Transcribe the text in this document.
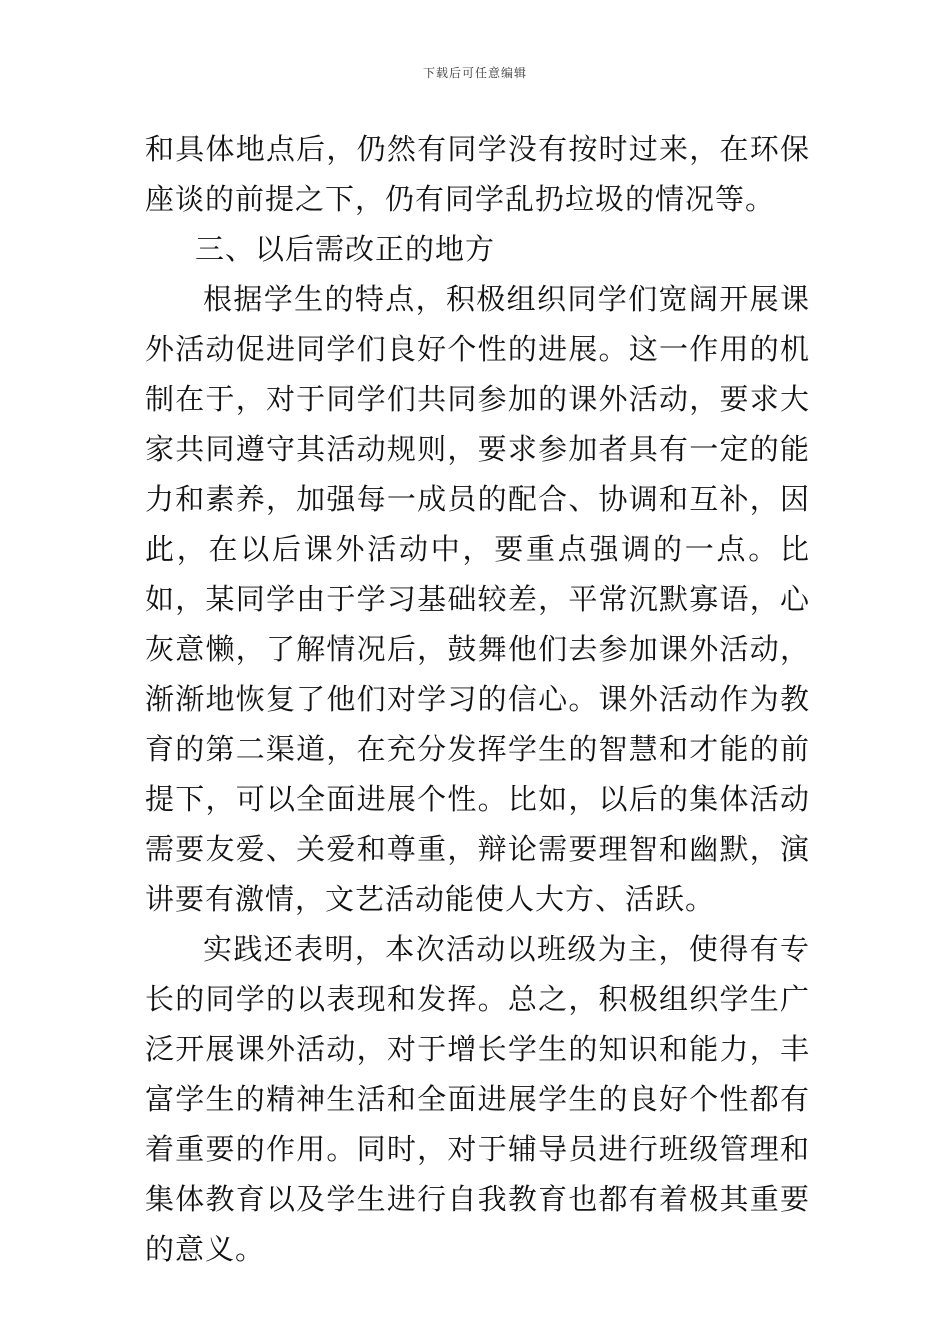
下载后可任意编辑

和具体地点后，仍然有同学没有按时过来，在环保座谈的前提之下，仍有同学乱扔垃圾的情况等。

三、以后需改正的地方

根据学生的特点，积极组织同学们宽阔开展课外活动促进同学们良好个性的进展。这一作用的机制在于，对于同学们共同参加的课外活动，要求大家共同遵守其活动规则，要求参加者具有一定的能力和素养，加强每一成员的配合、协调和互补，因此，在以后课外活动中，要重点强调的一点。比如，某同学由于学习基础较差，平常沉默寡语，心灰意懒，了解情况后，鼓舞他们去参加课外活动，渐渐地恢复了他们对学习的信心。课外活动作为教育的第二渠道，在充分发挥学生的智慧和才能的前提下，可以全面进展个性。比如，以后的集体活动需要友爱、关爱和尊重，辩论需要理智和幽默，演讲要有激情，文艺活动能使人大方、活跃。

实践还表明，本次活动以班级为主，使得有专长的同学的以表现和发挥。总之，积极组织学生广泛开展课外活动，对于增长学生的知识和能力，丰富学生的精神生活和全面进展学生的良好个性都有着重要的作用。同时，对于辅导员进行班级管理和集体教育以及学生进行自我教育也都有着极其重要的意义。
